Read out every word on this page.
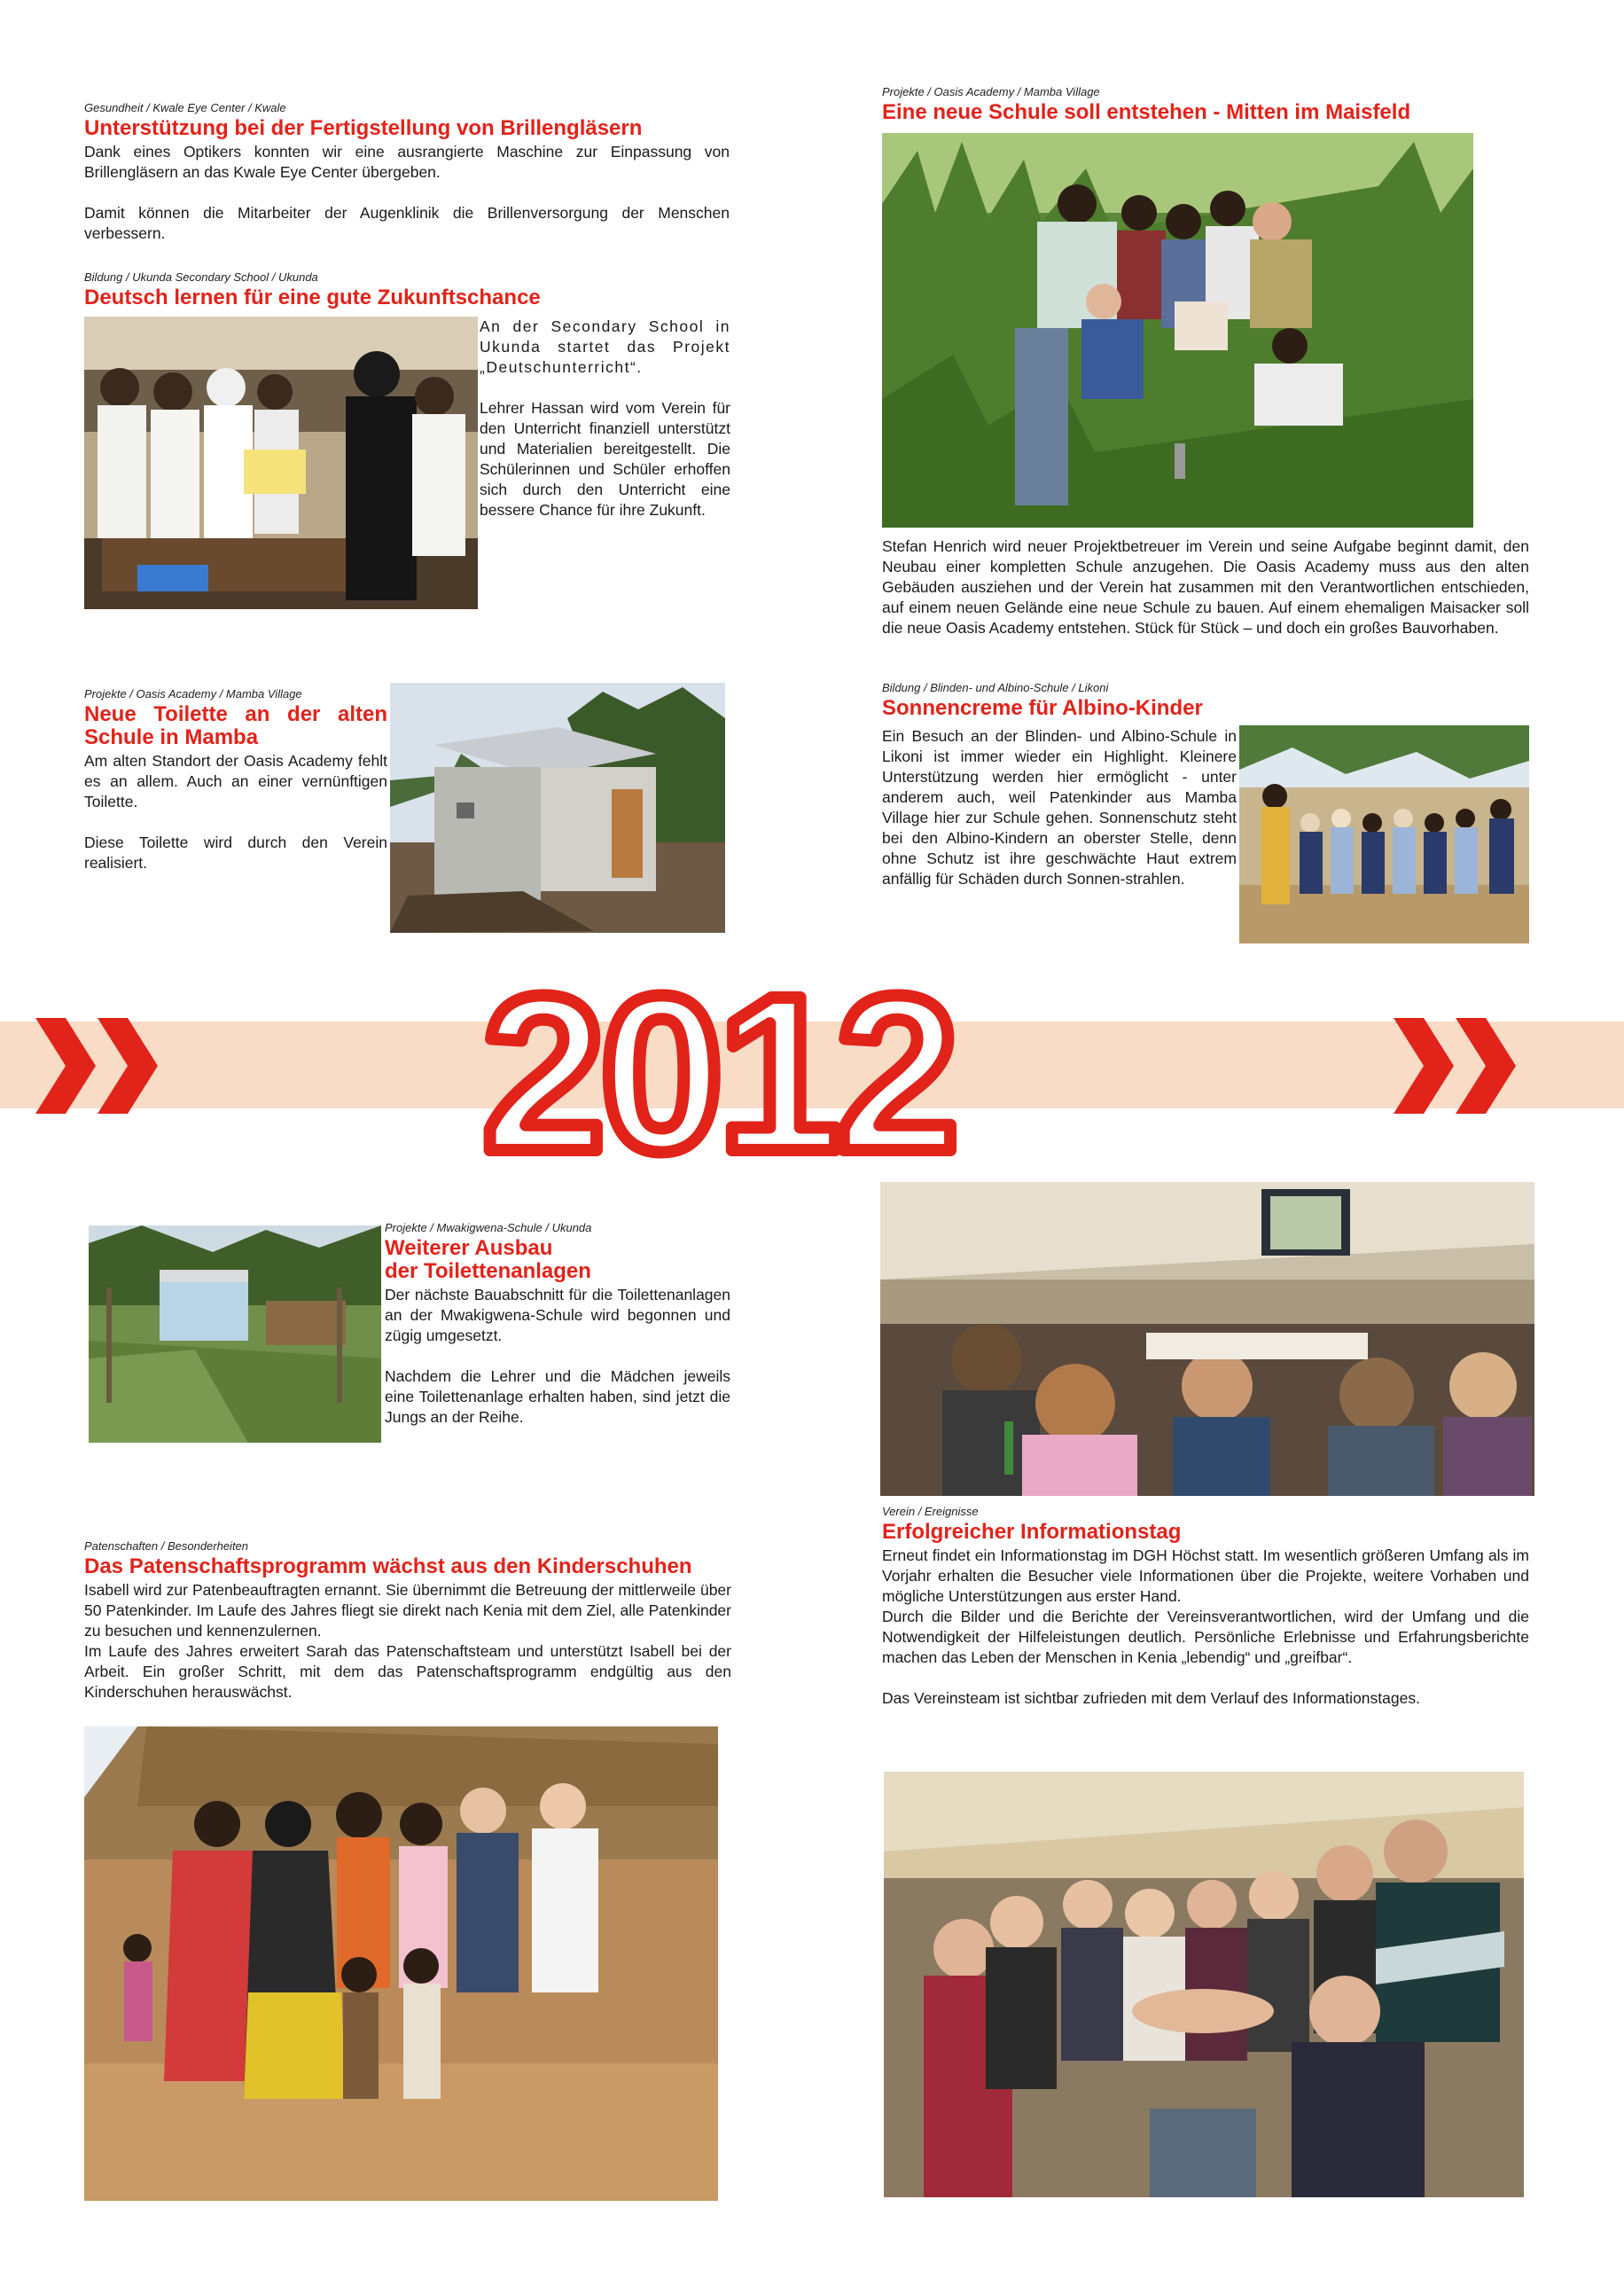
Gesundheit / Kwale Eye Center / Kwale
Unterstützung bei der Fertigstellung von Brillengläsern

Dank eines Optikers konnten wir eine ausrangierte Maschine zur Einpassung von Brillengläsern an das Kwale Eye Center übergeben.

Damit können die Mitarbeiter der Augenklinik die Brillenversorgung der Menschen verbessern.

Bildung / Ukunda Secondary School / Ukunda
Deutsch lernen für eine gute Zukunftschance

An der Secondary School in Ukunda startet das Projekt „Deutschunterricht“.

Lehrer Hassan wird vom Verein für den Unterricht finanziell unterstützt und Materialien bereitgestellt. Die Schülerinnen und Schüler erhoffen sich durch den Unterricht eine bessere Chance für ihre Zukunft.

Projekte / Oasis Academy / Mamba Village
Eine neue Schule soll entstehen - Mitten im Maisfeld

Stefan Henrich wird neuer Projektbetreuer im Verein und seine Aufgabe beginnt damit, den Neubau einer kompletten Schule anzugehen. Die Oasis Academy muss aus den alten Gebäuden ausziehen und der Verein hat zusammen mit den Verantwortlichen entschieden, auf einem neuen Gelände eine neue Schule zu bauen. Auf einem ehemaligen Maisacker soll die neue Oasis Academy entstehen. Stück für Stück – und doch ein großes Bauvorhaben.

Projekte / Oasis Academy / Mamba Village
Neue Toilette an der alten Schule in Mamba

Am alten Standort der Oasis Academy fehlt es an allem. Auch an einer vernünftigen Toilette.

Diese Toilette wird durch den Verein realisiert.

Bildung / Blinden- und Albino-Schule / Likoni
Sonnencreme für Albino-Kinder

Ein Besuch an der Blinden- und Albino-Schule in Likoni ist immer wieder ein Highlight. Kleinere Unterstützung werden hier ermöglicht - unter anderem auch, weil Patenkinder aus Mamba Village hier zur Schule gehen. Sonnenschutz steht bei den Albino-Kindern an oberster Stelle, denn ohne Schutz ist ihre geschwächte Haut extrem anfällig für Schäden durch Sonnen-strahlen.

2012
Projekte / Mwakigwena-Schule / Ukunda
Weiterer Ausbau
der Toilettenanlagen

Der nächste Bauabschnitt für die Toilettenanlagen an der Mwakigwena-Schule wird begonnen und zügig umgesetzt.

Nachdem die Lehrer und die Mädchen jeweils eine Toilettenanlage erhalten haben, sind jetzt die Jungs an der Reihe.

Patenschaften / Besonderheiten
Das Patenschaftsprogramm wächst aus den Kinderschuhen

Isabell wird zur Patenbeauftragten ernannt. Sie übernimmt die Betreuung der mittlerweile über 50 Patenkinder. Im Laufe des Jahres fliegt sie direkt nach Kenia mit dem Ziel, alle Patenkinder zu besuchen und kennenzulernen.

Im Laufe des Jahres erweitert Sarah das Patenschaftsteam und unterstützt Isabell bei der Arbeit. Ein großer Schritt, mit dem das Patenschaftsprogramm endgültig aus den Kinderschuhen herauswächst.

Verein / Ereignisse
Erfolgreicher Informationstag

Erneut findet ein Informationstag im DGH Höchst statt. Im wesentlich größeren Umfang als im Vorjahr erhalten die Besucher viele Informationen über die Projekte, weitere Vorhaben und mögliche Unterstützungen aus erster Hand.

Durch die Bilder und die Berichte der Vereinsverantwortlichen, wird der Umfang und die Notwendigkeit der Hilfeleistungen deutlich. Persönliche Erlebnisse und Erfahrungsberichte machen das Leben der Menschen in Kenia „lebendig“ und „greifbar“.

Das Vereinsteam ist sichtbar zufrieden mit dem Verlauf des Informationstages.
